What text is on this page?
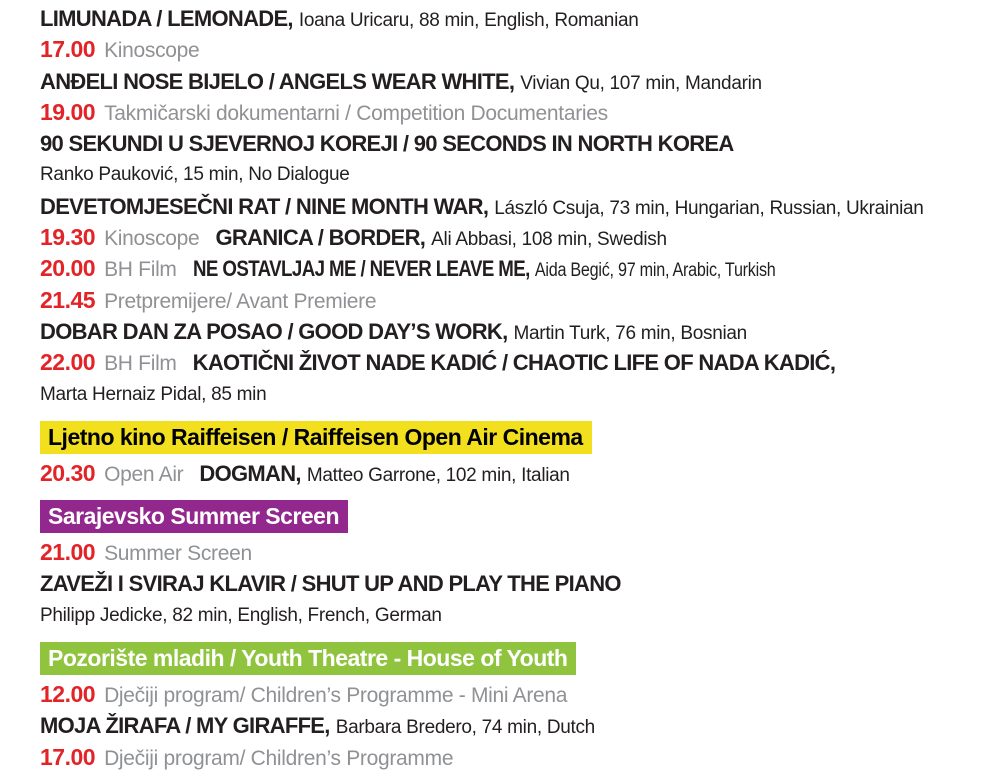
LIMUNADA / LEMONADE, Ioana Uricaru, 88 min, English, Romanian
17.00 Kinoscope
ANĐELI NOSE BIJELO / ANGELS WEAR WHITE, Vivian Qu, 107 min, Mandarin
19.00 Takmičarski dokumentarni / Competition Documentaries
90 SEKUNDI U SJEVERNOJ KOREJI / 90 SECONDS IN NORTH KOREA
Ranko Pauković, 15 min, No Dialogue
DEVETOMJESEČNI RAT / NINE MONTH WAR, László Csuja, 73 min, Hungarian, Russian, Ukrainian
19.30 Kinoscope GRANICA / BORDER, Ali Abbasi, 108 min, Swedish
20.00 BH Film NE OSTAVLJAJ ME / NEVER LEAVE ME, Aida Begić, 97 min, Arabic, Turkish
21.45 Pretpremijere/ Avant Premiere
DOBAR DAN ZA POSAO / GOOD DAY’S WORK, Martin Turk, 76 min, Bosnian
22.00 BH Film KAOTIČNI ŽIVOT NADE KADIĆ / CHAOTIC LIFE OF NADA KADIĆ,
Marta Hernaiz Pidal, 85 min
Ljetno kino Raiffeisen / Raiffeisen Open Air Cinema
20.30 Open Air DOGMAN, Matteo Garrone, 102 min, Italian
Sarajevsko Summer Screen
21.00 Summer Screen
ZAVEŽI I SVIRAJ KLAVIR / SHUT UP AND PLAY THE PIANO
Philipp Jedicke, 82 min, English, French, German
Pozorište mladih / Youth Theatre - House of Youth
12.00 Dječiji program/ Children’s Programme - Mini Arena
MOJA ŽIRAFA / MY GIRAFFE, Barbara Bredero, 74 min, Dutch
17.00 Dječiji program/ Children’s Programme
